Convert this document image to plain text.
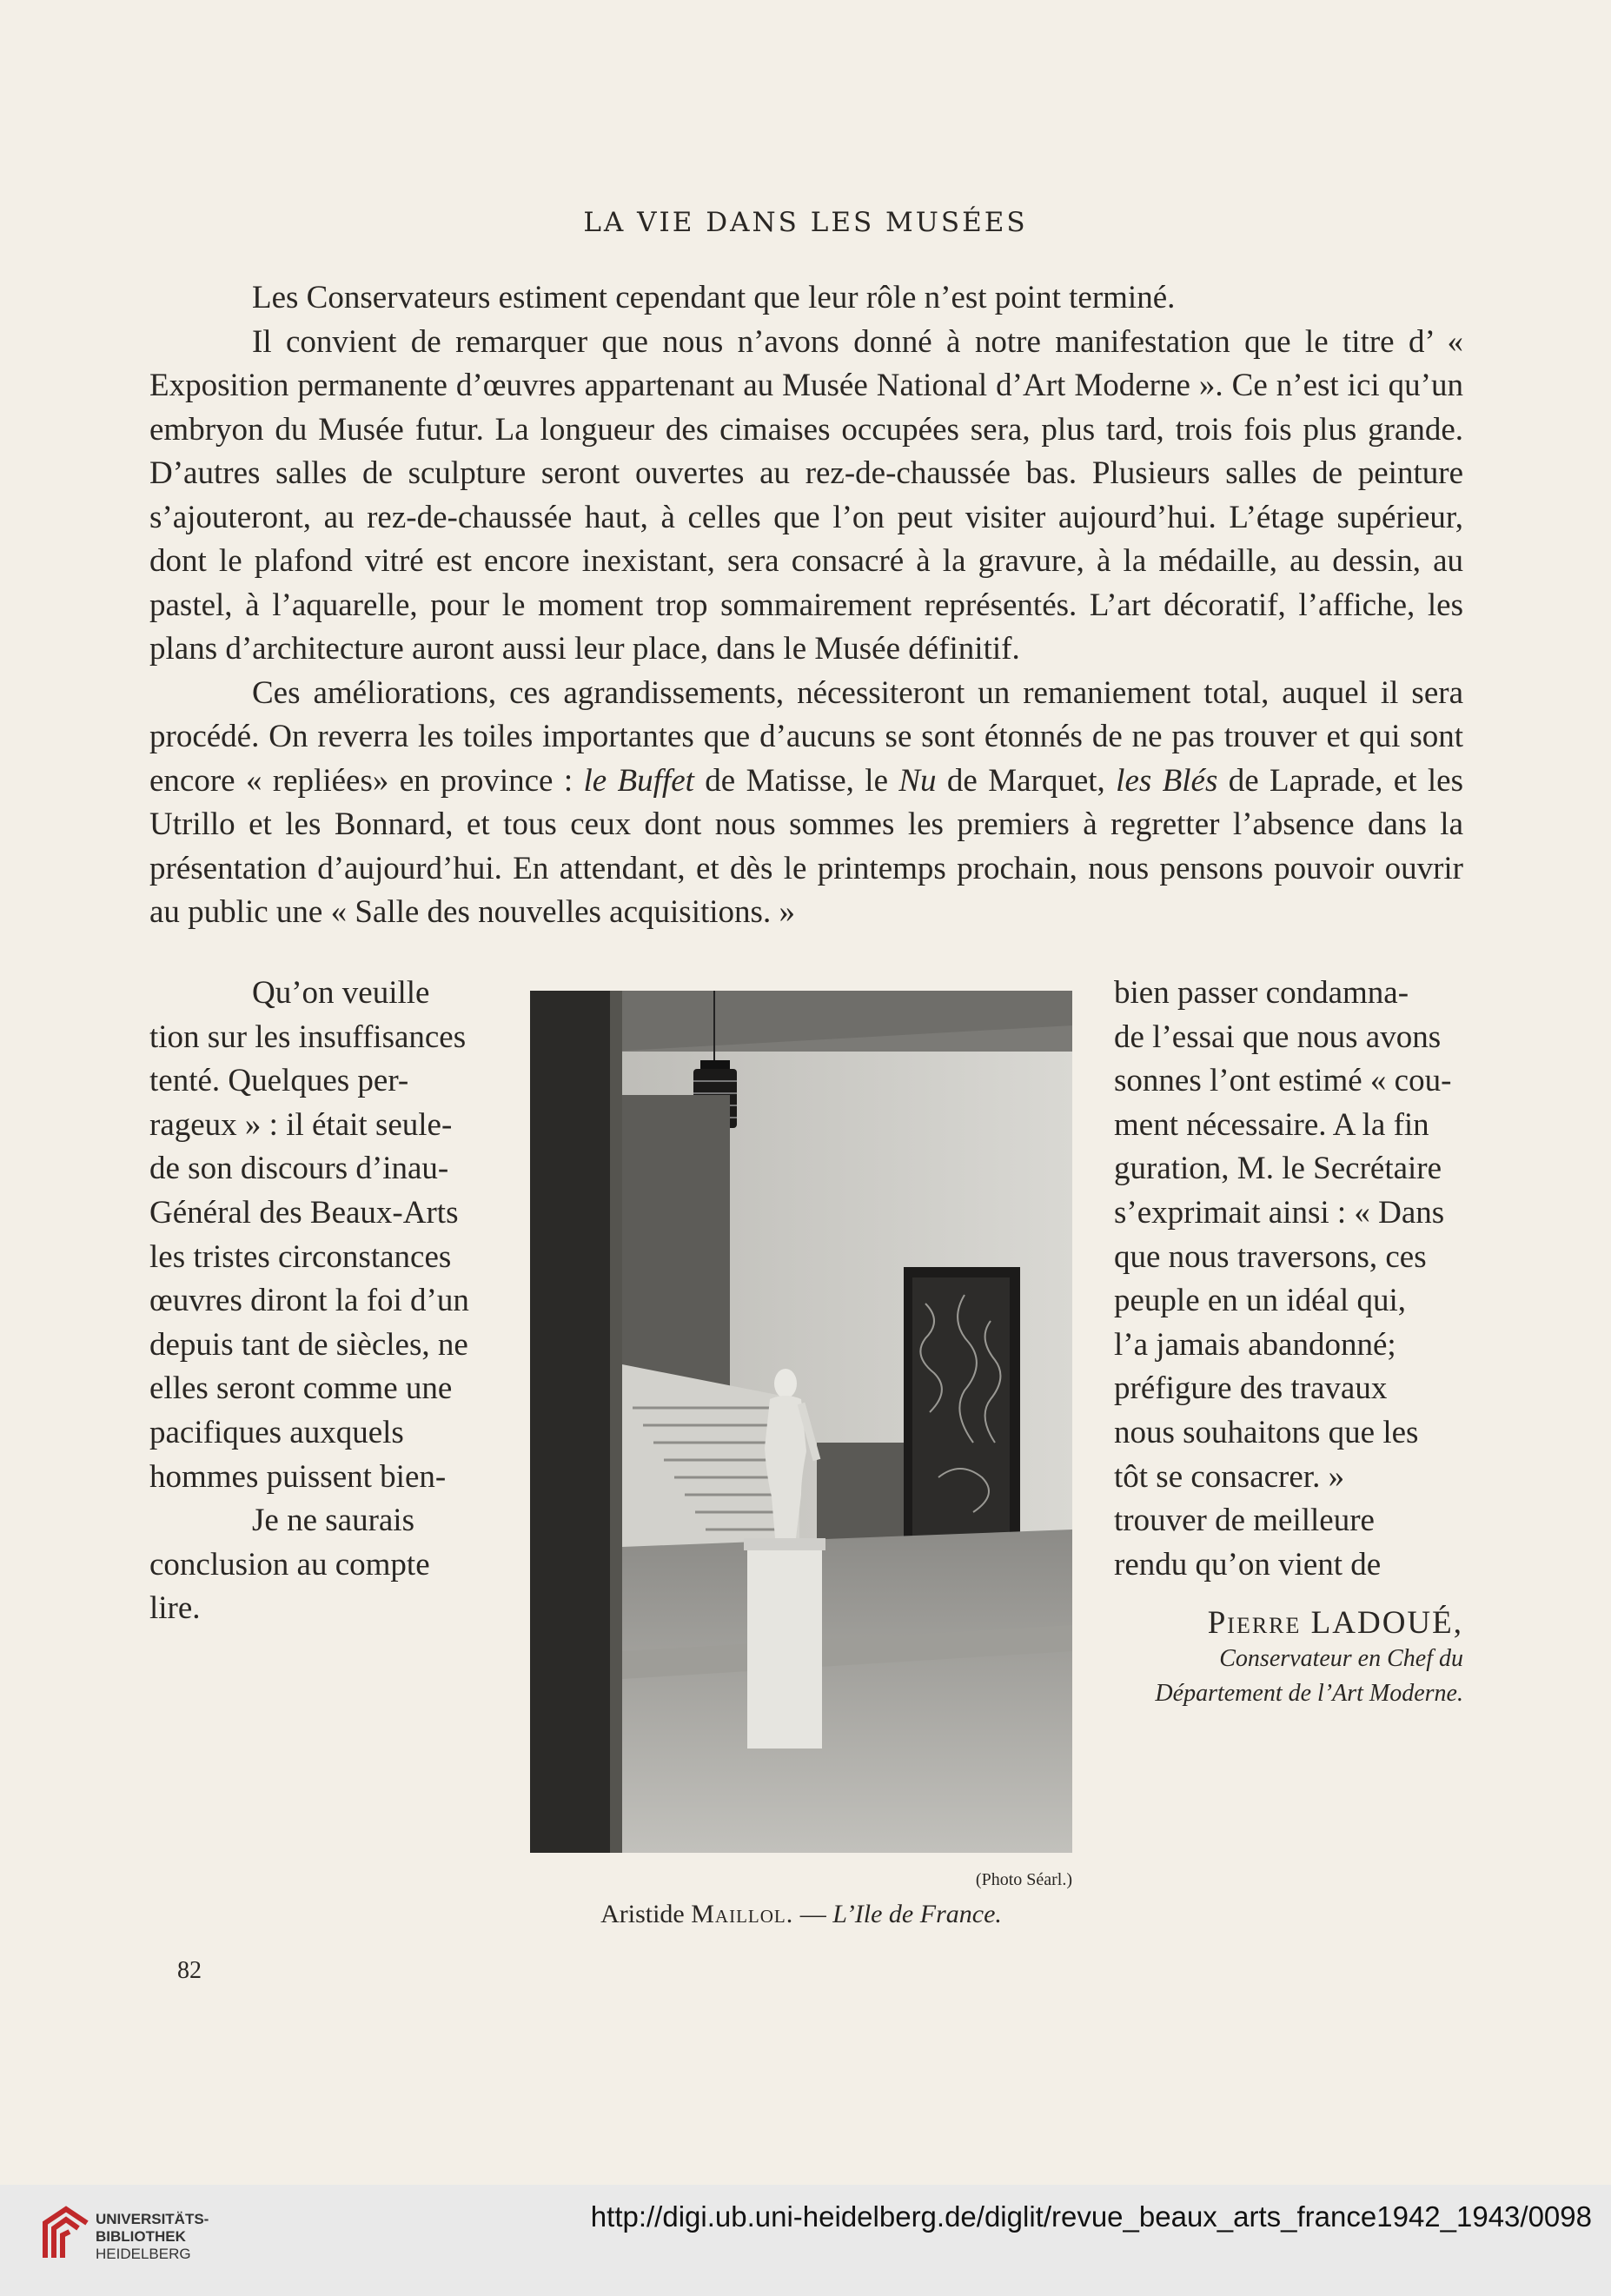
LA VIE DANS LES MUSÉES

Les Conservateurs estiment cependant que leur rôle n’est point terminé.

Il convient de remarquer que nous n’avons donné à notre manifestation que le titre d’ « Exposition permanente d’œuvres appartenant au Musée National d’Art Moderne ». Ce n’est ici qu’un embryon du Musée futur. La longueur des cimaises occupées sera, plus tard, trois fois plus grande. D’autres salles de sculpture seront ouvertes au rez-de-chaussée bas. Plusieurs salles de peinture s’ajouteront, au rez-de-chaussée haut, à celles que l’on peut visiter aujourd’hui. L’étage supérieur, dont le plafond vitré est encore inexistant, sera consacré à la gravure, à la médaille, au dessin, au pastel, à l’aquarelle, pour le moment trop sommairement représentés. L’art décoratif, l’affiche, les plans d’architecture auront aussi leur place, dans le Musée définitif.

Ces améliorations, ces agrandissements, nécessiteront un remaniement total, auquel il sera procédé. On reverra les toiles importantes que d’aucuns se sont étonnés de ne pas trouver et qui sont encore « repliées» en province : le Buffet de Matisse, le Nu de Marquet, les Blés de Laprade, et les Utrillo et les Bonnard, et tous ceux dont nous sommes les premiers à regretter l’absence dans la présentation d’aujourd’hui. En attendant, et dès le printemps prochain, nous pensons pouvoir ouvrir au public une « Salle des nouvelles acquisitions. »

Qu’on veuille

tion sur les insuffisances

tenté. Quelques per-

rageux » : il était seule-

de son discours d’inau-

Général des Beaux-Arts

les tristes circonstances

œuvres diront la foi d’un

depuis tant de siècles, ne

elles seront comme une

pacifiques auxquels

hommes puissent bien-

Je ne saurais

conclusion au compte

lire.

bien passer condamna-

de l’essai que nous avons

sonnes l’ont estimé « cou-

ment nécessaire. A la fin

guration, M. le Secrétaire

s’exprimait ainsi : « Dans

que nous traversons, ces

peuple en un idéal qui,

l’a jamais abandonné;

préfigure des travaux

nous souhaitons que les

tôt se consacrer. »

trouver de meilleure

rendu qu’on vient de

Pierre LADOUÉ,
Conservateur en Chef du
Département de l’Art Moderne.
(Photo Séarl.)
Aristide Maillol. — L’Ile de France.
82
UNIVERSITÄTS-
BIBLIOTHEK
HEIDELBERG
http://digi.ub.uni-heidelberg.de/diglit/revue_beaux_arts_france1942_1943/0098
